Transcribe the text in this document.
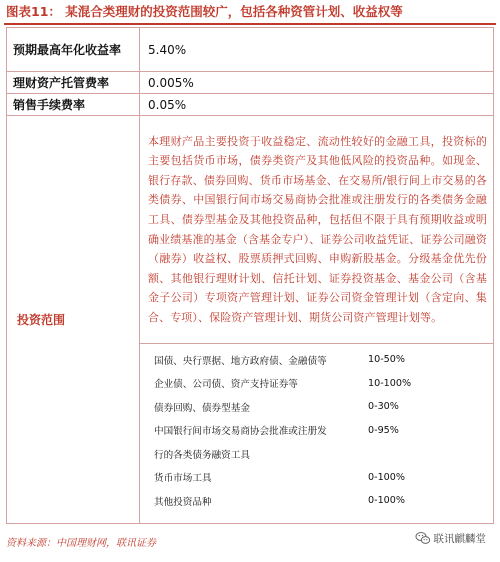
图表11： 某混合类理财的投资范围较广，包括各种资管计划、收益权等
预期最高年化收益率	5.40%
理财资产托管费率	0.005%
销售手续费率	0.05%
投资范围	本理财产品主要投资于收益稳定、流动性较好的金融工具，投资标的主要包括货币市场，债券类资产及其他低风险的投资品种。如现金、银行存款、债券回购、货币市场基金、在交易所/银行间上市交易的各类债券、中国银行间市场交易商协会批准或注册发行的各类债务金融工具、债券型基金及其他投资品种，包括但不限于具有预期收益或明确业绩基准的基金（含基金专户）、证券公司收益凭证、证券公司融资（融券）收益权、股票质押式回购、申购新股基金。分级基金优先份额、其他银行理财计划、信托计划、证券投资基金、基金公司（含基金子公司）专项资产管理计划、证券公司资金管理计划（含定向、集合、专项）、保险资产管理计划、期货公司资产管理计划等。

国债、央行票据、地方政府债、金融债等	10-50%
企业债、公司债、资产支持证券等	10-100%
债券回购、债券型基金	0-30%
中国银行间市场交易商协会批准或注册发	0-95%
行的各类债务融资工具	
货币市场工具	0-100%
其他投资品种	0-100%
资料来源：中国理财网，联讯证券	联讯麒麟堂
